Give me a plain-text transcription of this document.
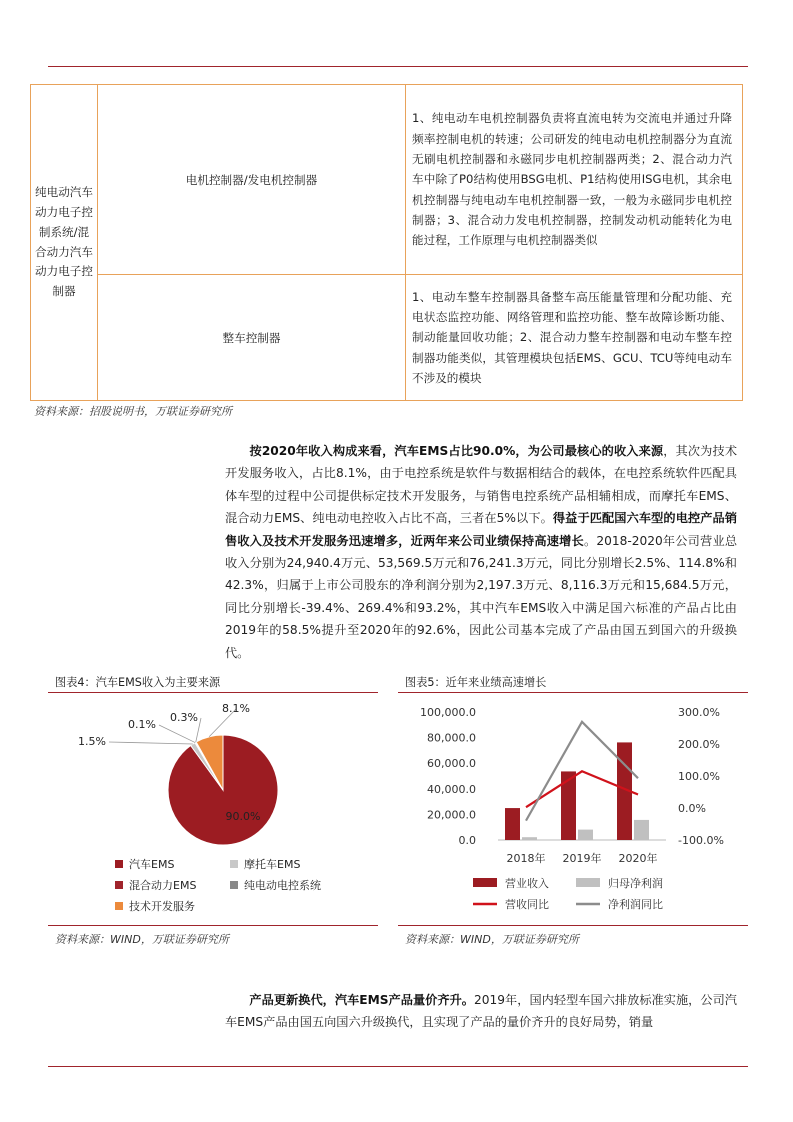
纯电动汽车动力电子控制系统/混合动力汽车动力电子控制器	电机控制器/发电机控制器	1、纯电动车电机控制器负责将直流电转为交流电并通过升降频率控制电机的转速；公司研发的纯电动电机控制器分为直流无刷电机控制器和永磁同步电机控制器两类；2、混合动力汽车中除了P0结构使用BSG电机、P1结构使用ISG电机，其余电机控制器与纯电动车电机控制器一致，一般为永磁同步电机控制器；3、混合动力发电机控制器，控制发动机动能转化为电能过程，工作原理与电机控制器类似
	整车控制器	1、电动车整车控制器具备整车高压能量管理和分配功能、充电状态监控功能、网络管理和监控功能、整车故障诊断功能、制动能量回收功能；2、混合动力整车控制器和电动车整车控制器功能类似，其管理模块包括EMS、GCU、TCU等纯电动车不涉及的模块
资料来源：招股说明书，万联证券研究所
  按2020年收入构成来看，汽车EMS占比90.0%，为公司最核心的收入来源，其次为技术开发服务收入，占比8.1%，由于电控系统是软件与数据相结合的载体，在电控系统软件匹配具体车型的过程中公司提供标定技术开发服务，与销售电控系统产品相辅相成，而摩托车EMS、混合动力EMS、纯电动电控收入占比不高，三者在5%以下。得益于匹配国六车型的电控产品销售收入及技术开发服务迅速增多，近两年来公司业绩保持高速增长。2018-2020年公司营业总收入分别为24,940.4万元、53,569.5万元和76,241.3万元，同比分别增长2.5%、114.8%和42.3%，归属于上市公司股东的净利润分别为2,197.3万元、8,116.3万元和15,684.5万元，同比分别增长-39.4%、269.4%和93.2%，其中汽车EMS收入中满足国六标准的产品占比由2019年的58.5%提升至2020年的92.6%，因此公司基本完成了产品由国五到国六的升级换代。
图表4：汽车EMS收入为主要来源
90.0%
1.5%
0.1%
0.3%
8.1%
汽车EMS	摩托车EMS
混合动力EMS	纯电动电控系统
技术开发服务
资料来源：WIND，万联证券研究所
图表5：近年来业绩高速增长
100,000.0
80,000.0
60,000.0
40,000.0
20,000.0
0.0
300.0%
200.0%
100.0%
0.0%
-100.0%
2018年 2019年 2020年
营业收入	归母净利润
营收同比	净利润同比
资料来源：WIND，万联证券研究所
  产品更新换代，汽车EMS产品量价齐升。2019年，国内轻型车国六排放标准实施，公司汽车EMS产品由国五向国六升级换代，且实现了产品的量价齐升的良好局势，销量
